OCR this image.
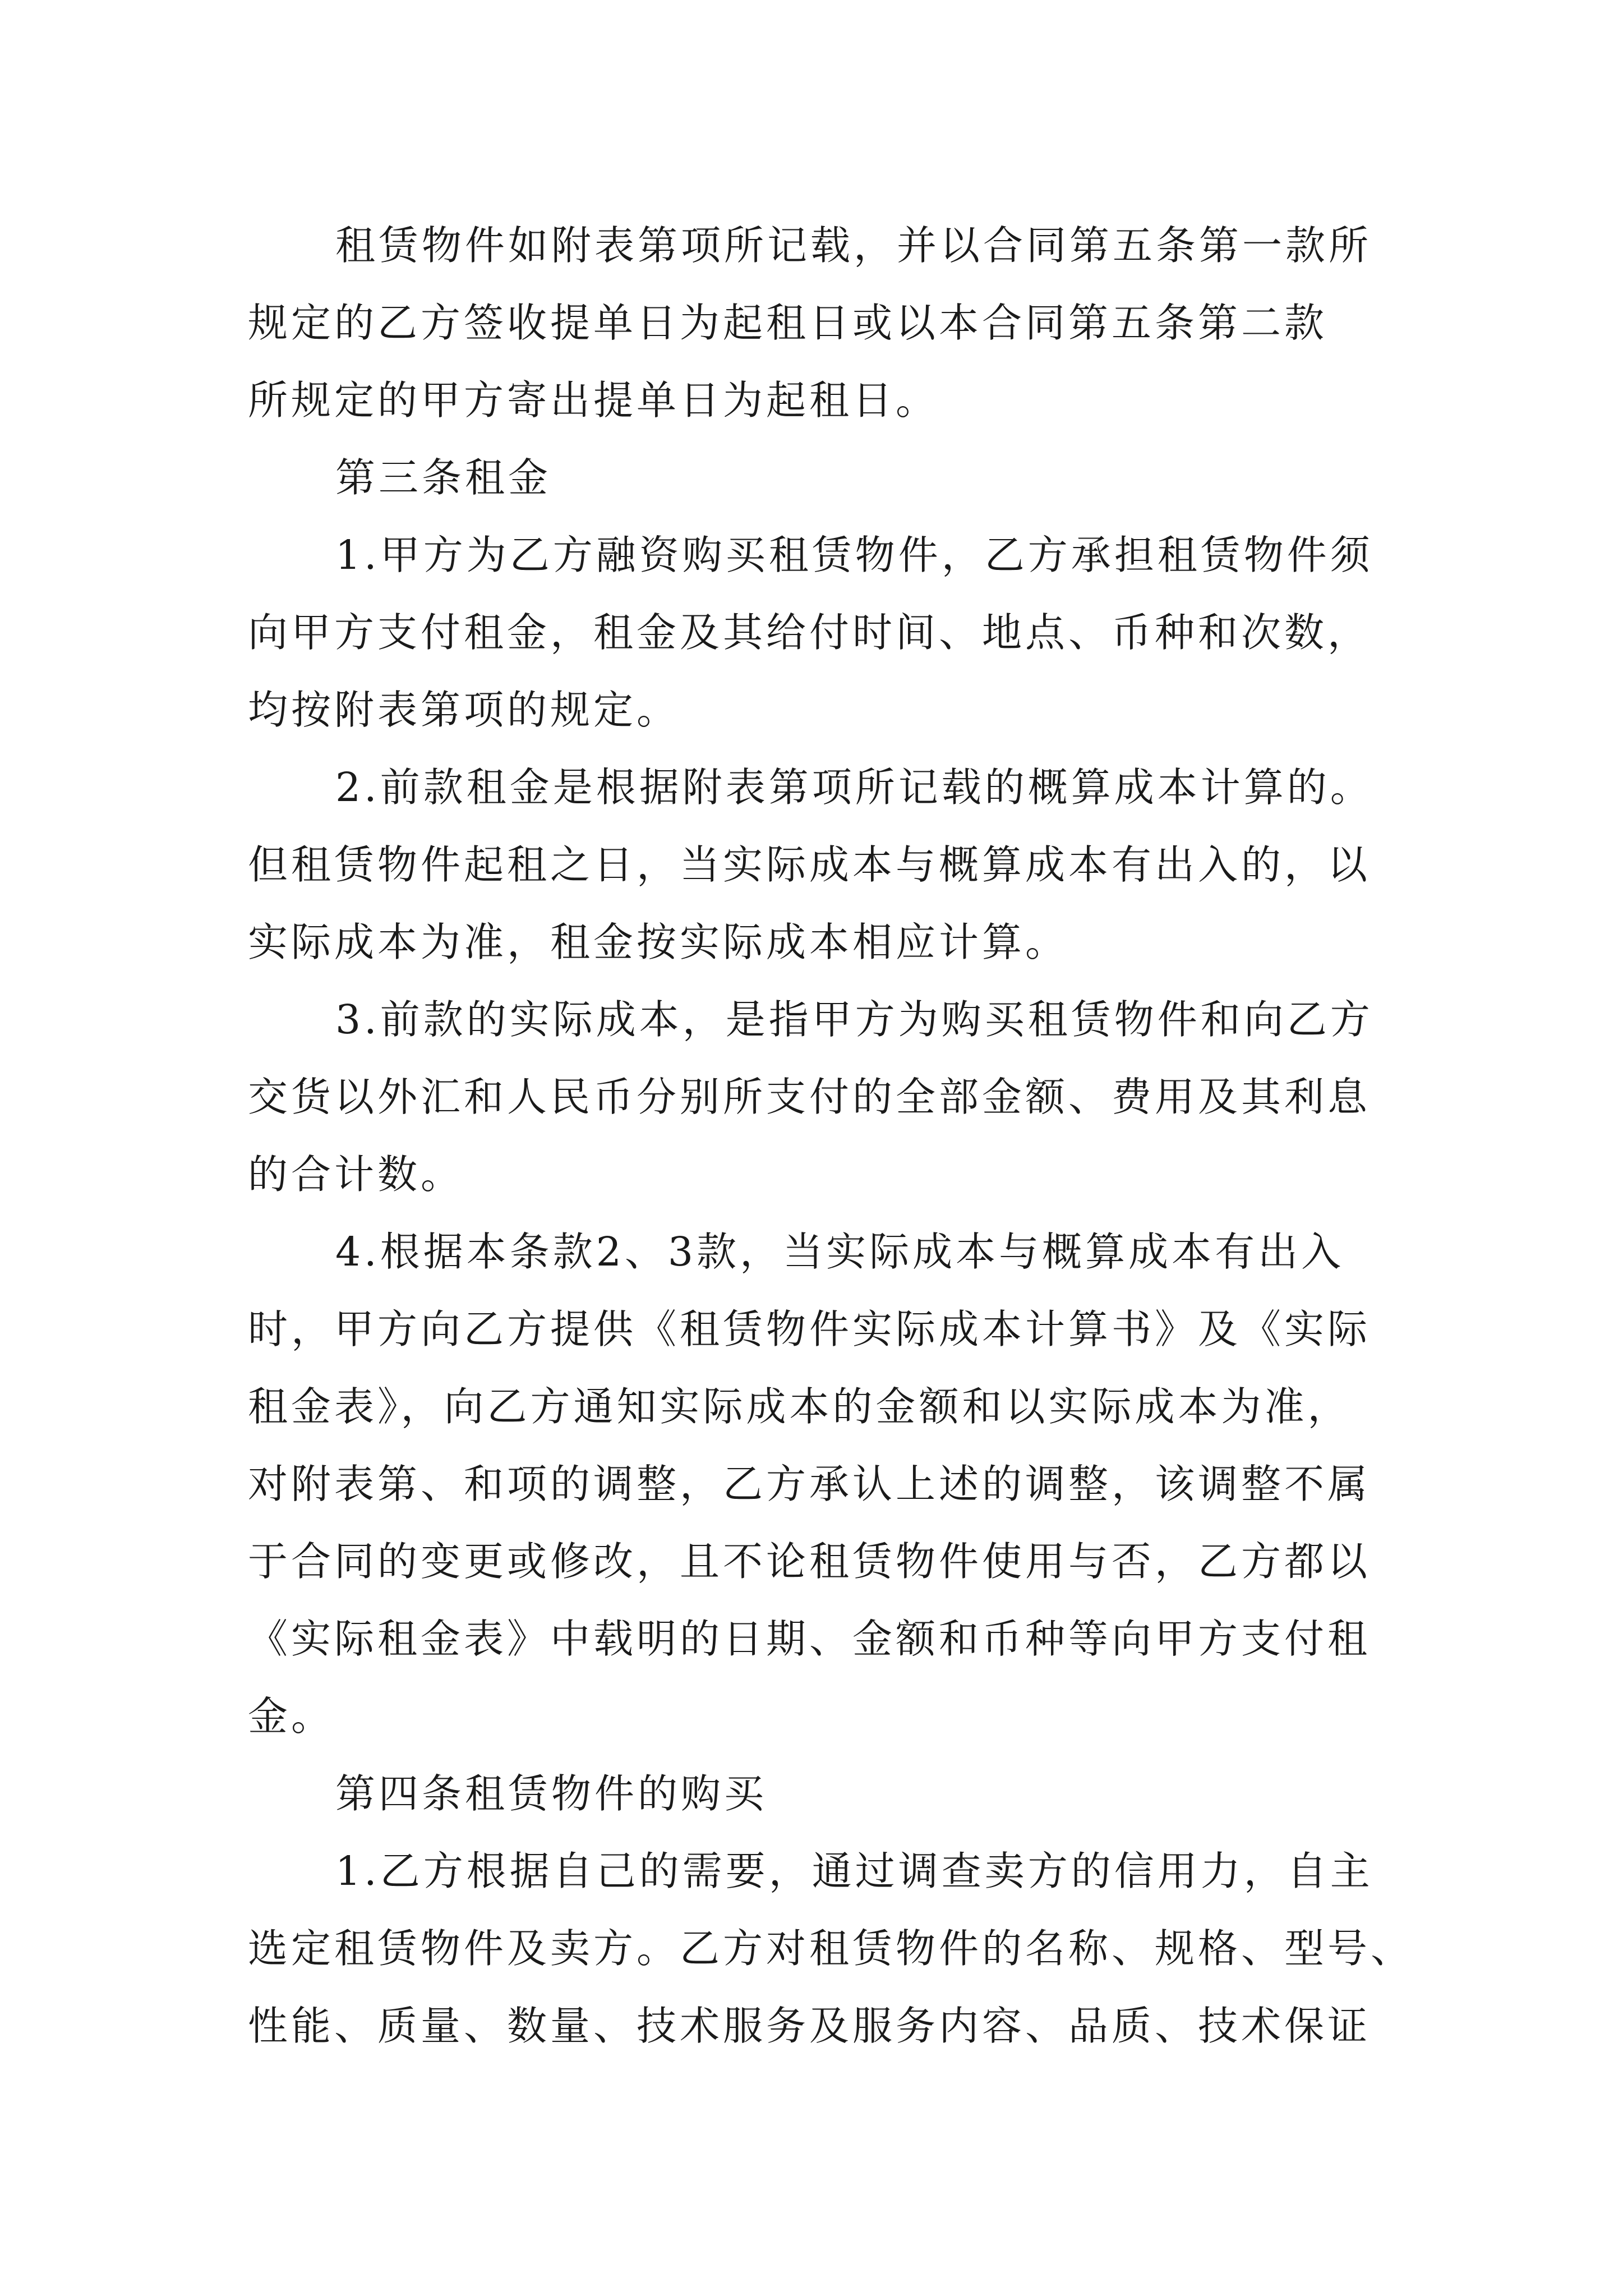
租赁物件如附表第项所记载，并以合同第五条第一款所
规定的乙方签收提单日为起租日或以本合同第五条第二款
所规定的甲方寄出提单日为起租日。
第三条租金
1.甲方为乙方融资购买租赁物件，乙方承担租赁物件须
向甲方支付租金，租金及其给付时间、地点、币种和次数，
均按附表第项的规定。
2.前款租金是根据附表第项所记载的概算成本计算的。
但租赁物件起租之日，当实际成本与概算成本有出入的，以
实际成本为准，租金按实际成本相应计算。
3.前款的实际成本，是指甲方为购买租赁物件和向乙方
交货以外汇和人民币分别所支付的全部金额、费用及其利息
的合计数。
4.根据本条款2、3款，当实际成本与概算成本有出入
时，甲方向乙方提供《租赁物件实际成本计算书》及《实际
租金表》，向乙方通知实际成本的金额和以实际成本为准，
对附表第、和项的调整，乙方承认上述的调整，该调整不属
于合同的变更或修改，且不论租赁物件使用与否，乙方都以
《实际租金表》中载明的日期、金额和币种等向甲方支付租
金。
第四条租赁物件的购买
1.乙方根据自己的需要，通过调查卖方的信用力，自主
选定租赁物件及卖方。乙方对租赁物件的名称、规格、型号、
性能、质量、数量、技术服务及服务内容、品质、技术保证
